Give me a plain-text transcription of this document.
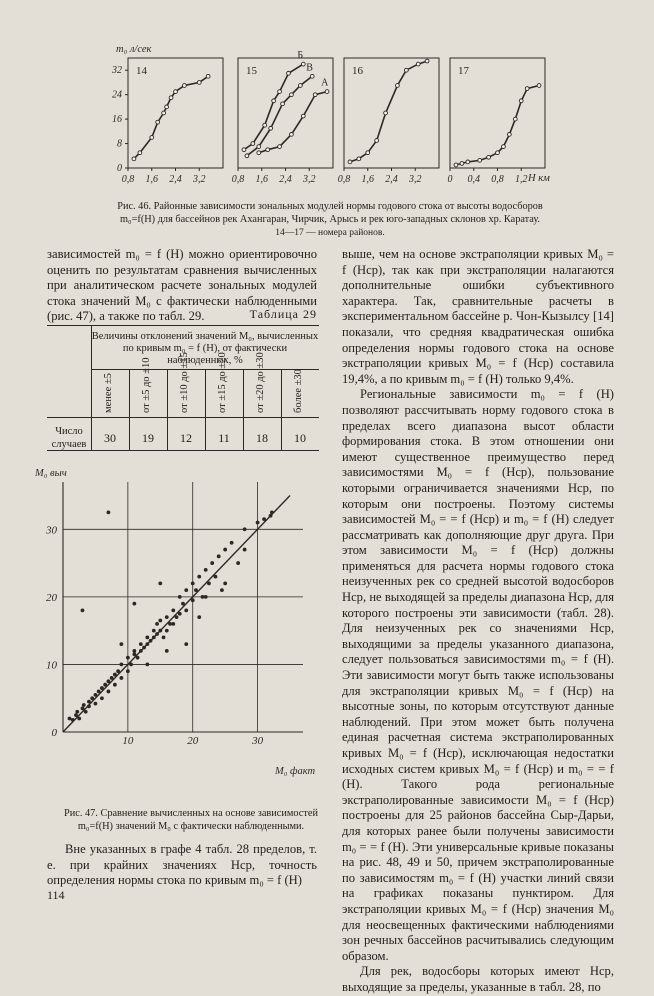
m₀ л/сек
H км
0,8 1,6 2,4 3,2
0
8
16
24
32 14
0,8 1,6 2,4 3,2
15
Б
В
А
0,8 1,6 2,4 3,2
16
0 0,4 0,8 1,2
17
Рис. 46. Районные зависимости зональных модулей нормы годового стока от высоты водосборов m₀=f(H) для бассейнов рек Ахангаран, Чирчик, Арысь и рек юго-западных склонов хр. Каратау.
14—17 — номера районов.

зависимостей m₀ = f (H) можно ориентировочно оценить по результатам сравнения вычисленных при аналитическом расчете зональных модулей стока значений M₀ с фактически наблюденными (рис. 47), а также по табл. 29.	Таблица 29
Величины отклонений значений M₀, вычисленных по кривым m₀ = f (H), от фактически наблюденных, %
менее ±5	от ±5 до ±10	от ±10 до ±15	от ±15 до ±20	от ±20 до ±30	более ±30
Число случаев	30	19	12	11	18	10
M₀ выч
M₀ факт
10	20	30
0
10
20
30
Рис. 47. Сравнение вычисленных на основе зависимостей m₀=f(H) значений M₀ с фактически наблюденными.

Вне указанных в графе 4 табл. 28 пределов, т. е. при крайних значениях Hср, точность определения нормы стока по кривым m₀ = f (H)

выше, чем на основе экстраполяции кривых M₀ = f (Hср), так как при экстраполяции налагаются дополнительные ошибки субъективного характера. Так, сравнительные расчеты в экспериментальном бассейне р. Чон-Кызылсу [14] показали, что средняя квадратическая ошибка определения нормы годового стока на основе экстраполяции кривых M₀ = f (Hср) составила 19,4%, а по кривым m₀ = f (H) только 9,4%.

Региональные зависимости m₀ = f (H) позволяют рассчитывать норму годового стока в пределах всего диапазона высот области формирования стока. В этом отношении они имеют существенное преимущество перед зависимостями M₀ = f (Hср), пользование которыми ограничивается значениями Hср, по которым они построены. Поэтому системы зависимостей M₀ = = f (Hср) и m₀ = f (H) следует рассматривать как дополняющие друг друга. При этом зависимости M₀ = f (Hср) должны применяться для расчета нормы годового стока неизученных рек со средней высотой водосборов Hср, не выходящей за пределы диапазона Hср, для которого построены эти зависимости (табл. 28). Для неизученных рек со значениями Hср, выходящими за пределы указанного диапазона, следует пользоваться зависимостями m₀ = f (H). Эти зависимости могут быть также использованы для экстраполяции кривых M₀ = f (Hср) на высотные зоны, по которым отсутствуют данные наблюдений. При этом может быть получена единая расчетная система экстраполированных кривых M₀ = f (Hср), исключающая недостатки исходных систем кривых M₀ = f (Hср) и m₀ = = f (H). Такого рода региональные экстраполированные зависимости M₀ = f (Hср) построены для 25 районов бассейна Сыр-Дарьи, для которых ранее были получены зависимости m₀ = = f (H). Эти универсальные кривые показаны на рис. 48, 49 и 50, причем экстраполированные по зависимостям m₀ = f (H) участки линий связи на графиках показаны пунктиром. Для экстраполяции кривых M₀ = f (Hср) значения M₀ для неосвещенных фактическими наблюдениями зон речных бассейнов расчитывались следующим образом.

Для рек, водосборы которых имеют Hср, выходящие за пределы, указанные в табл. 28, по

114
